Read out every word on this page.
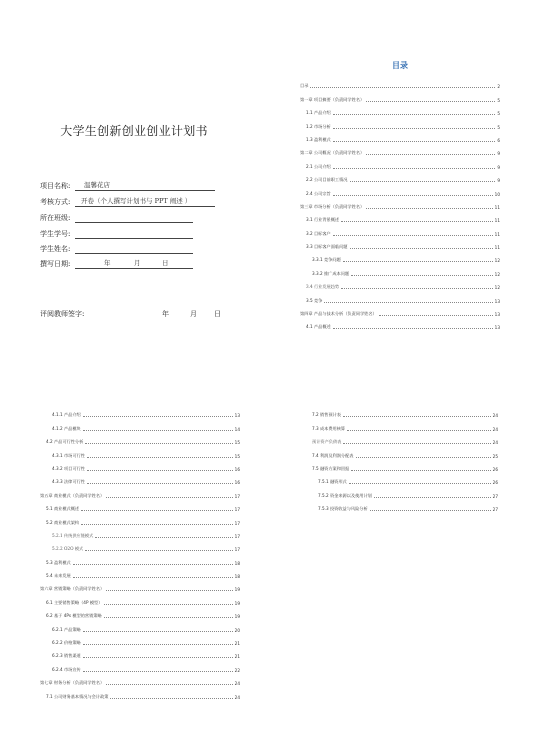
大学生创新创业创业计划书
项目名称: 温馨花店
考核方式: 开卷（个人撰写计划书与 PPT 阐述 ）
所在班级:
学生学号:
学生姓名:
撰写日期:	年	月	日
评阅教师签字:	年	月 日
目录
目录	2
第一章 项目摘要（负责同学姓名）	5
1.1 产品介绍	5
1.2 市场分析	5
1.3 盈利模式	6
第二章 公司概况（负责同学姓名）	9
2.1 公司介绍	9
2.2 公司目前职工情况	9
2.4 公司宗旨	10
第三章 市场分析（负责同学姓名）	11
3.1 行业背景概述	11
3.2 目标客户	11
3.3 目标客户面临问题	11
3.3.1 竞争问题	12
3.3.2 推广成本问题	12
3.4 行业发展趋势	12
3.5 竞争	13
第四章 产品与技术分析（负责同学姓名）	13
4.1 产品概述	13
4.1.1 产品介绍	13
4.1.2 产品模块	14
4.2 产品可行性分析	15
4.3.1 市场可行性	15
4.3.2 项目可行性	16
4.3.3 法律可行性	16
第五章 商业模式（负责同学姓名）	17
5.1 商业模式概述	17
5.2 商业模式架构	17
5.2.1 传统供应链模式	17
5.2.2 O2O 模式	17
5.3 盈利模式	18
5.4 未来发展	18
第六章 营销策略（负责同学姓名）	19
6.1 主要销售策略（4P 模型）	19
6.2 基于 4Ps 模型的营销策略	19
6.2.1 产品策略	20
6.2.2 价格策略	21
6.2.3 销售渠道	21
6.2.4 市场宣传	22
第七章 财务分析（负责同学姓名）	24
7.1 公司财务基本情况与会计政策	24
7.2 销售预计表	24
7.3 成本费用核算	24
预计资产负债表	24
7.4 利润及利润分配表	25
7.5 融资方案和回报	26
7.5.1 融资形式	26
7.5.2 资金来源以及使用计划	27
7.5.3 投资收益与风险分析	27
